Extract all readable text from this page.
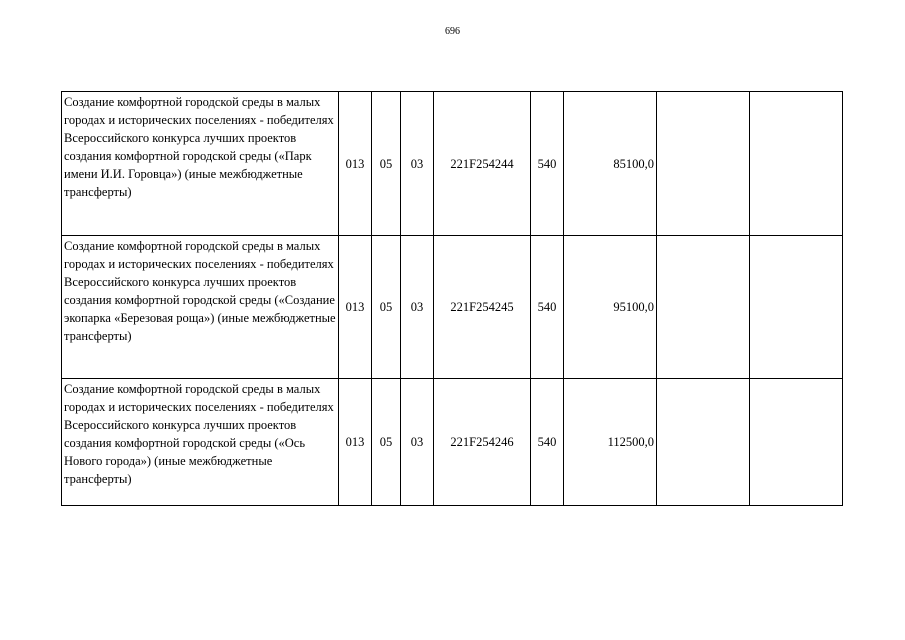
696
Создание комфортной городской среды в малых городах и исторических поселениях - победителях Всероссийского конкурса лучших проектов создания комфортной городской среды («Парк имени И.И. Горовца») (иные межбюджетные трансферты)	013	05	03	221F254244	540	85100,0		
Создание комфортной городской среды в малых городах и исторических поселениях - победителях Всероссийского конкурса лучших проектов создания комфортной городской среды («Создание экопарка «Березовая роща») (иные межбюджетные трансферты)	013	05	03	221F254245	540	95100,0		
Создание комфортной городской среды в малых городах и исторических поселениях - победителях Всероссийского конкурса лучших проектов создания комфортной городской среды («Ось Нового города») (иные межбюджетные трансферты)	013	05	03	221F254246	540	112500,0		
